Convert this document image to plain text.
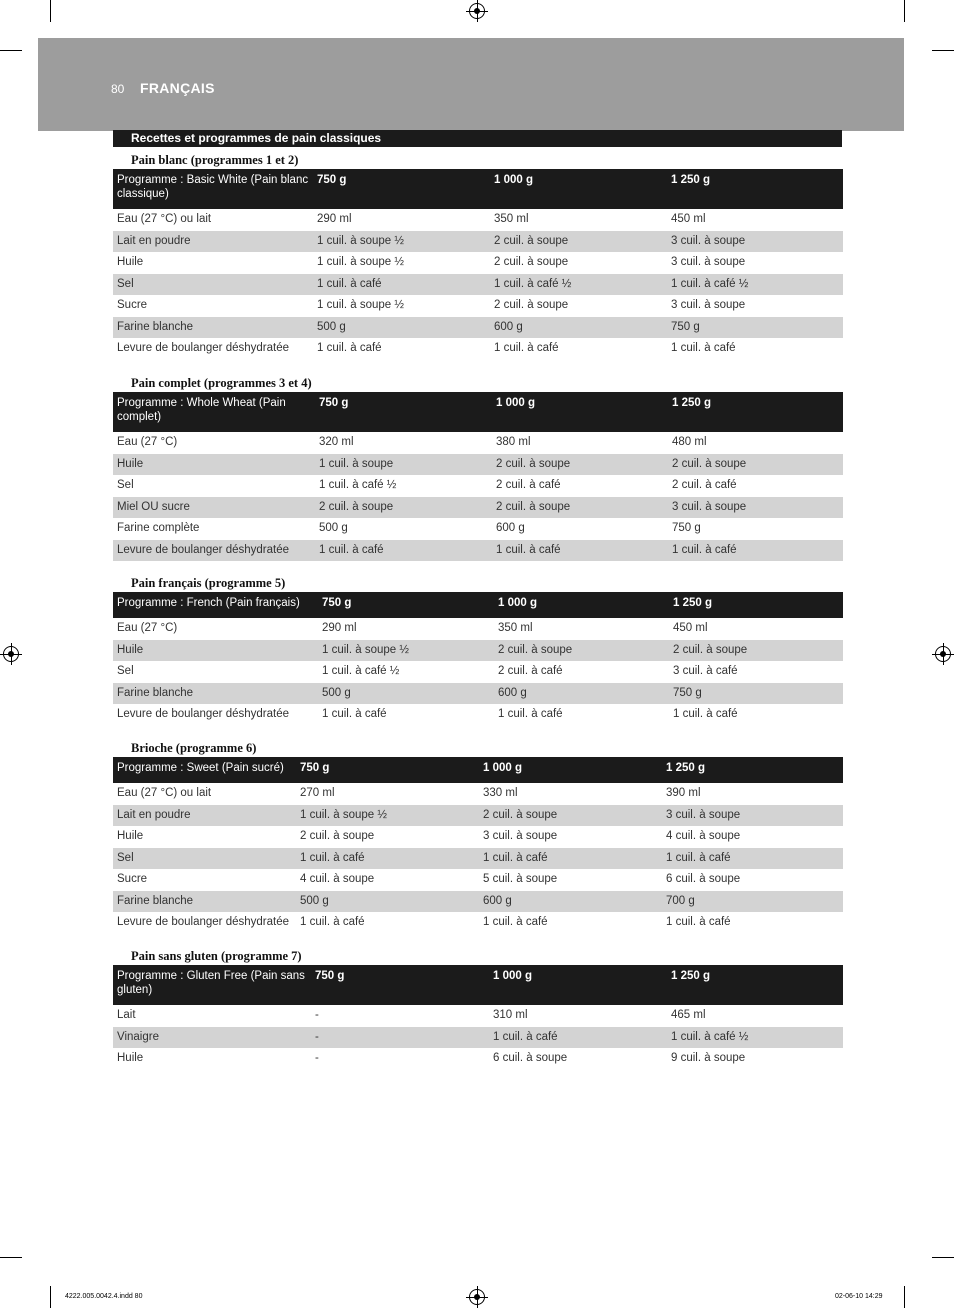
80 FRANÇAIS
Recettes et programmes de pain classiques
Pain blanc (programmes 1 et 2)
Programme : Basic White (Pain blanc classique)	750 g	1 000 g	1 250 g
Eau (27 °C) ou lait	290 ml	350 ml	450 ml
Lait en poudre	1 cuil. à soupe ½	2 cuil. à soupe	3 cuil. à soupe
Huile	1 cuil. à soupe ½	2 cuil. à soupe	3 cuil. à soupe
Sel	1 cuil. à café	1 cuil. à café ½	1 cuil. à café ½
Sucre	1 cuil. à soupe ½	2 cuil. à soupe	3 cuil. à soupe
Farine blanche	500 g	600 g	750 g
Levure de boulanger déshydratée	1 cuil. à café	1 cuil. à café	1 cuil. à café
Pain complet (programmes 3 et 4)
Programme : Whole Wheat (Pain complet)	750 g	1 000 g	1 250 g
Eau (27 °C)	320 ml	380 ml	480 ml
Huile	1 cuil. à soupe	2 cuil. à soupe	2 cuil. à soupe
Sel	1 cuil. à café ½	2 cuil. à café	2 cuil. à café
Miel OU sucre	2 cuil. à soupe	2 cuil. à soupe	3 cuil. à soupe
Farine complète	500 g	600 g	750 g
Levure de boulanger déshydratée	1 cuil. à café	1 cuil. à café	1 cuil. à café
Pain français (programme 5)
Programme : French (Pain français)	750 g	1 000 g	1 250 g
Eau (27 °C)	290 ml	350 ml	450 ml
Huile	1 cuil. à soupe ½	2 cuil. à soupe	2 cuil. à soupe
Sel	1 cuil. à café ½	2 cuil. à café	3 cuil. à café
Farine blanche	500 g	600 g	750 g
Levure de boulanger déshydratée	1 cuil. à café	1 cuil. à café	1 cuil. à café
Brioche (programme 6)
Programme : Sweet (Pain sucré)	750 g	1 000 g	1 250 g
Eau (27 °C) ou lait	270 ml	330 ml	390 ml
Lait en poudre	1 cuil. à soupe ½	2 cuil. à soupe	3 cuil. à soupe
Huile	2 cuil. à soupe	3 cuil. à soupe	4 cuil. à soupe
Sel	1 cuil. à café	1 cuil. à café	1 cuil. à café
Sucre	4 cuil. à soupe	5 cuil. à soupe	6 cuil. à soupe
Farine blanche	500 g	600 g	700 g
Levure de boulanger déshydratée	1 cuil. à café	1 cuil. à café	1 cuil. à café
Pain sans gluten (programme 7)
Programme : Gluten Free (Pain sans gluten)	750 g	1 000 g	1 250 g
Lait	-	310 ml	465 ml
Vinaigre	-	1 cuil. à café	1 cuil. à café ½
Huile	-	6 cuil. à soupe	9 cuil. à soupe
4222.005.0042.4.indd 80	02-06-10 14:29
